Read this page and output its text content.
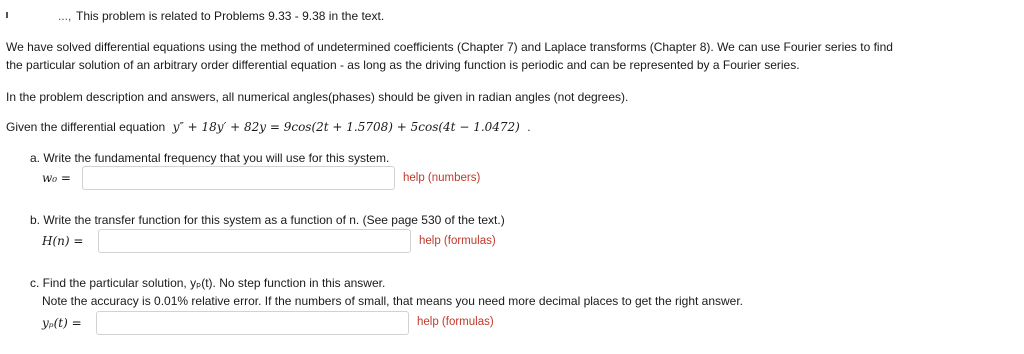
..., This problem is related to Problems 9.33 - 9.38 in the text.
We have solved differential equations using the method of undetermined coefficients (Chapter 7) and Laplace transforms (Chapter 8). We can use Fourier series to find
the particular solution of an arbitrary order differential equation - as long as the driving function is periodic and can be represented by a Fourier series.
In the problem description and answers, all numerical angles(phases) should be given in radian angles (not degrees).
Given the differential equation y″ + 18y′ + 82y = 9cos(2t + 1.5708) + 5cos(4t − 1.0472) .
a. Write the fundamental frequency that you will use for this system.
w₀ =	help (numbers)
b. Write the transfer function for this system as a function of n. (See page 530 of the text.)
H(n) =	help (formulas)
c. Find the particular solution, yₚ(t). No step function in this answer.
Note the accuracy is 0.01% relative error. If the numbers of small, that means you need more decimal places to get the right answer.
yₚ(t) =	help (formulas)
